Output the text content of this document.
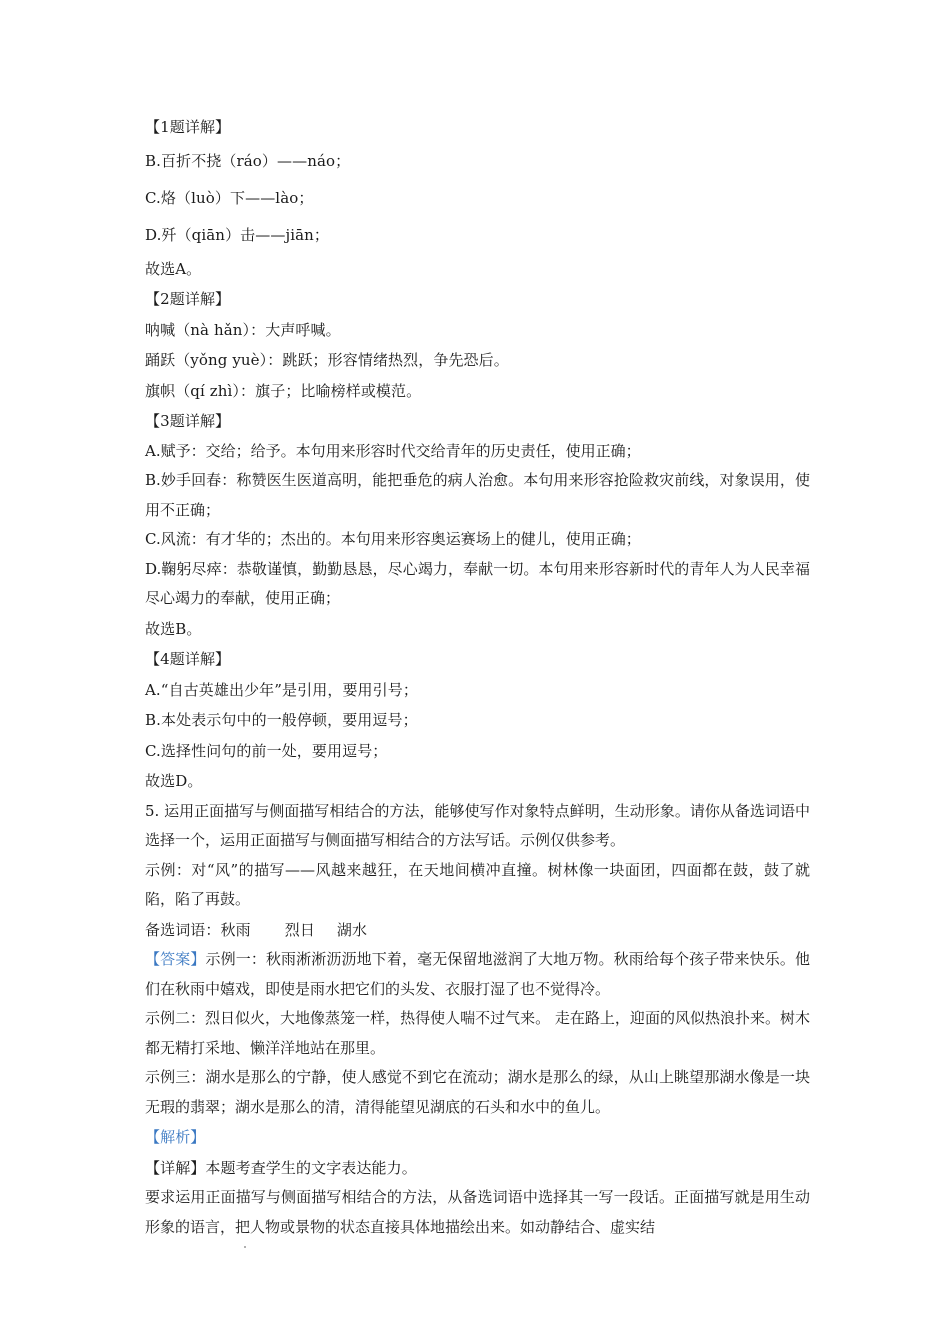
【1题详解】
B.百折不挠（ráo）——náo；
C.烙（luò）下——lào；
D.歼（qiān）击——jiān；
故选A。
【2题详解】
呐喊（nà hǎn）：大声呼喊。
踊跃（yǒng yuè）：跳跃；形容情绪热烈，争先恐后。
旗帜（qí zhì）：旗子；比喻榜样或模范。
【3题详解】
A.赋予：交给；给予。本句用来形容时代交给青年的历史责任，使用正确；
B.妙手回春：称赞医生医道高明，能把垂危的病人治愈。本句用来形容抢险救灾前线，对象误用，使用不正确；
C.风流：有才华的；杰出的。本句用来形容奥运赛场上的健儿，使用正确；
D.鞠躬尽瘁：恭敬谨慎，勤勤恳恳，尽心竭力，奉献一切。本句用来形容新时代的青年人为人民幸福尽心竭力的奉献，使用正确；
故选B。
【4题详解】
A.“自古英雄出少年”是引用，要用引号；
B.本处表示句中的一般停顿，要用逗号；
C.选择性问句的前一处，要用逗号；
故选D。
5. 运用正面描写与侧面描写相结合的方法，能够使写作对象特点鲜明，生动形象。请你从备选词语中选择一个，运用正面描写与侧面描写相结合的方法写话。示例仅供参考。
示例：对“风”的描写——风越来越狂，在天地间横冲直撞。树林像一块面团，四面都在鼓，鼓了就陷，陷了再鼓。
备选词语：秋雨 烈日 湖水
【答案】示例一：秋雨淅淅沥沥地下着，毫无保留地滋润了大地万物。秋雨给每个孩子带来快乐。他们在秋雨中嬉戏，即使是雨水把它们的头发、衣服打湿了也不觉得冷。
示例二：烈日似火，大地像蒸笼一样，热得使人喘不过气来。 走在路上，迎面的风似热浪扑来。树木都无精打采地、懒洋洋地站在那里。
示例三：湖水是那么的宁静，使人感觉不到它在流动；湖水是那么的绿，从山上眺望那湖水像是一块无瑕的翡翠；湖水是那么的清，清得能望见湖底的石头和水中的鱼儿。
【解析】
【详解】本题考查学生的文字表达能力。
要求运用正面描写与侧面描写相结合的方法，从备选词语中选择其一写一段话。正面描写就是用生动形象的语言，把人物或景物的状态直接具体地描绘出来。如动静结合、虚实结
